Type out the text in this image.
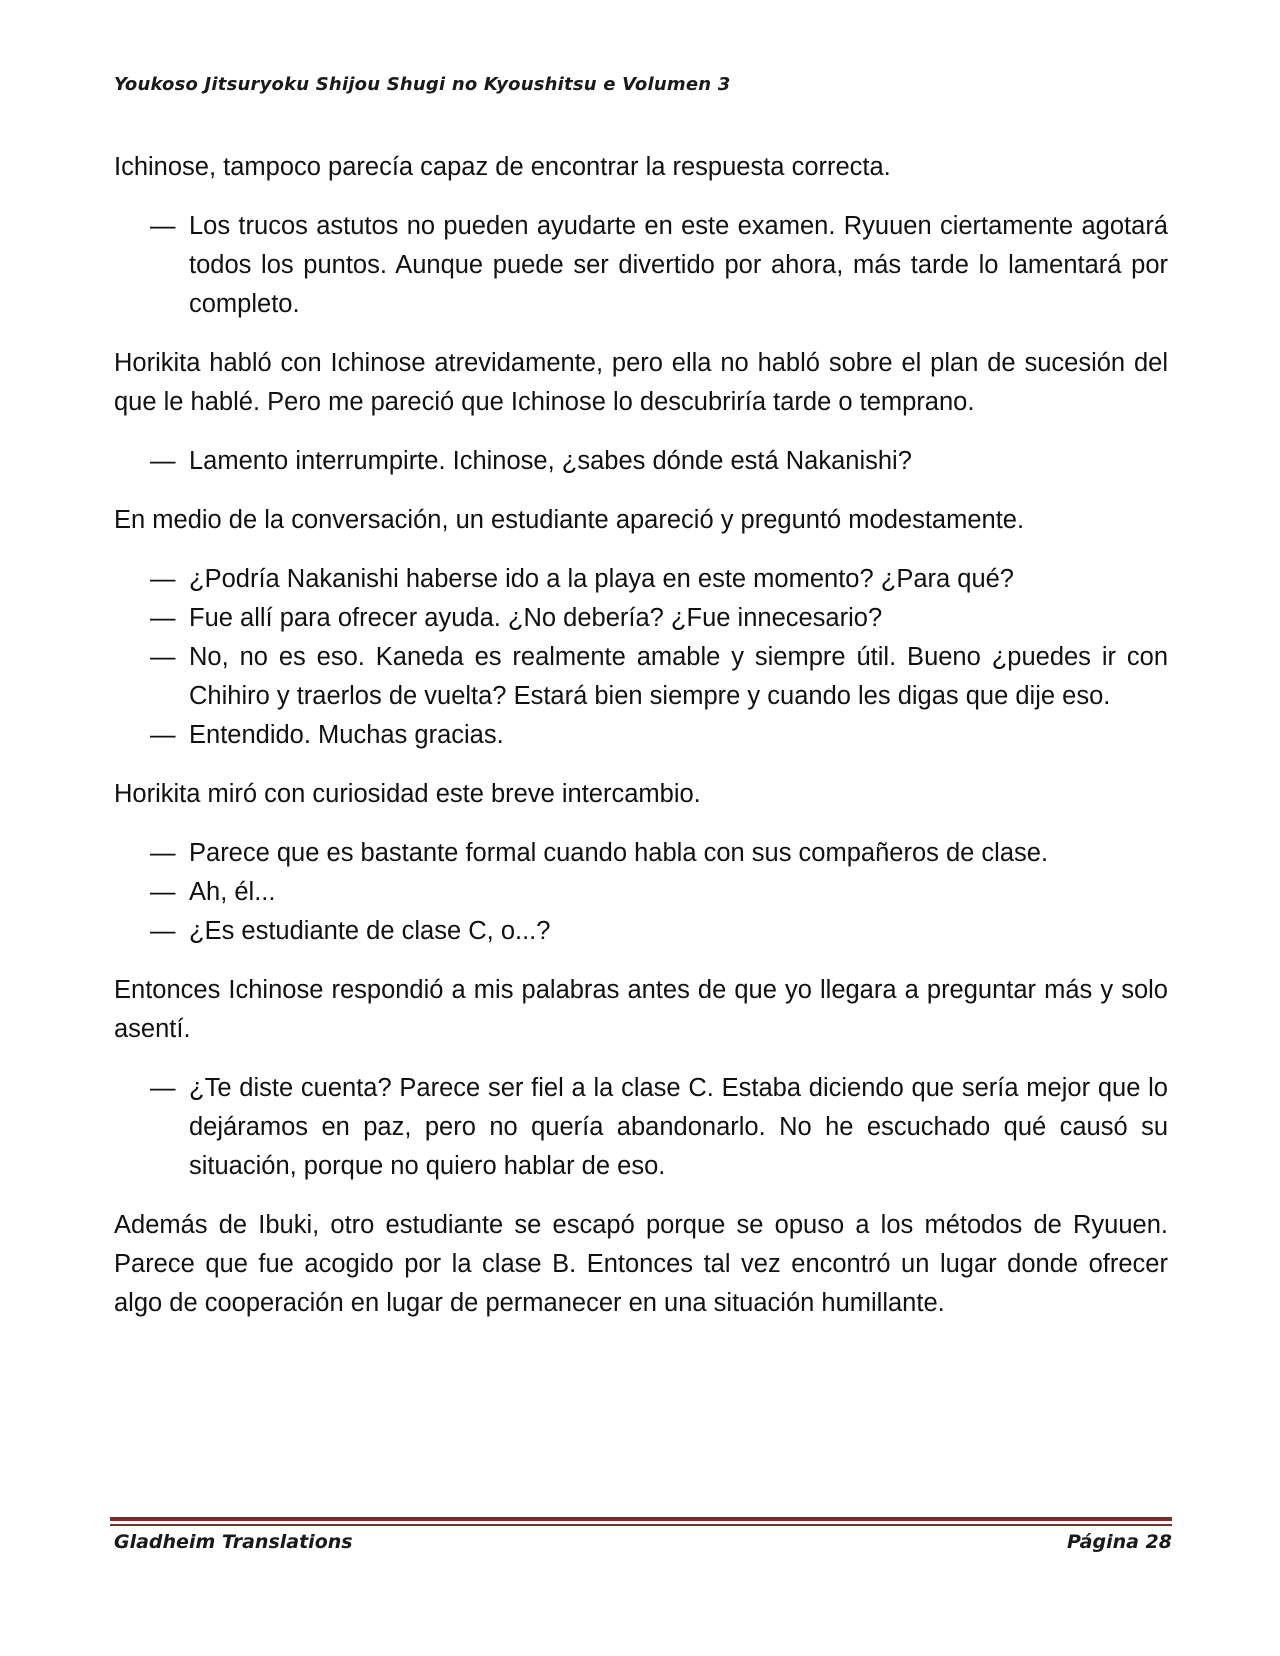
Youkoso Jitsuryoku Shijou Shugi no Kyoushitsu e Volumen 3

Ichinose, tampoco parecía capaz de encontrar la respuesta correcta.

— Los trucos astutos no pueden ayudarte en este examen. Ryuuen ciertamente agotará todos los puntos. Aunque puede ser divertido por ahora, más tarde lo lamentará por completo.

Horikita habló con Ichinose atrevidamente, pero ella no habló sobre el plan de sucesión del que le hablé. Pero me pareció que Ichinose lo descubriría tarde o temprano.

— Lamento interrumpirte. Ichinose, ¿sabes dónde está Nakanishi?

En medio de la conversación, un estudiante apareció y preguntó modestamente.

— ¿Podría Nakanishi haberse ido a la playa en este momento? ¿Para qué?

— Fue allí para ofrecer ayuda. ¿No debería? ¿Fue innecesario?

— No, no es eso. Kaneda es realmente amable y siempre útil. Bueno ¿puedes ir con Chihiro y traerlos de vuelta? Estará bien siempre y cuando les digas que dije eso.

— Entendido. Muchas gracias.

Horikita miró con curiosidad este breve intercambio.

— Parece que es bastante formal cuando habla con sus compañeros de clase.

— Ah, él...

— ¿Es estudiante de clase C, o...?

Entonces Ichinose respondió a mis palabras antes de que yo llegara a preguntar más y solo asentí.

— ¿Te diste cuenta? Parece ser fiel a la clase C. Estaba diciendo que sería mejor que lo dejáramos en paz, pero no quería abandonarlo. No he escuchado qué causó su situación, porque no quiero hablar de eso.

Además de Ibuki, otro estudiante se escapó porque se opuso a los métodos de Ryuuen. Parece que fue acogido por la clase B. Entonces tal vez encontró un lugar donde ofrecer algo de cooperación en lugar de permanecer en una situación humillante.

Gladheim Translations	Página 28
